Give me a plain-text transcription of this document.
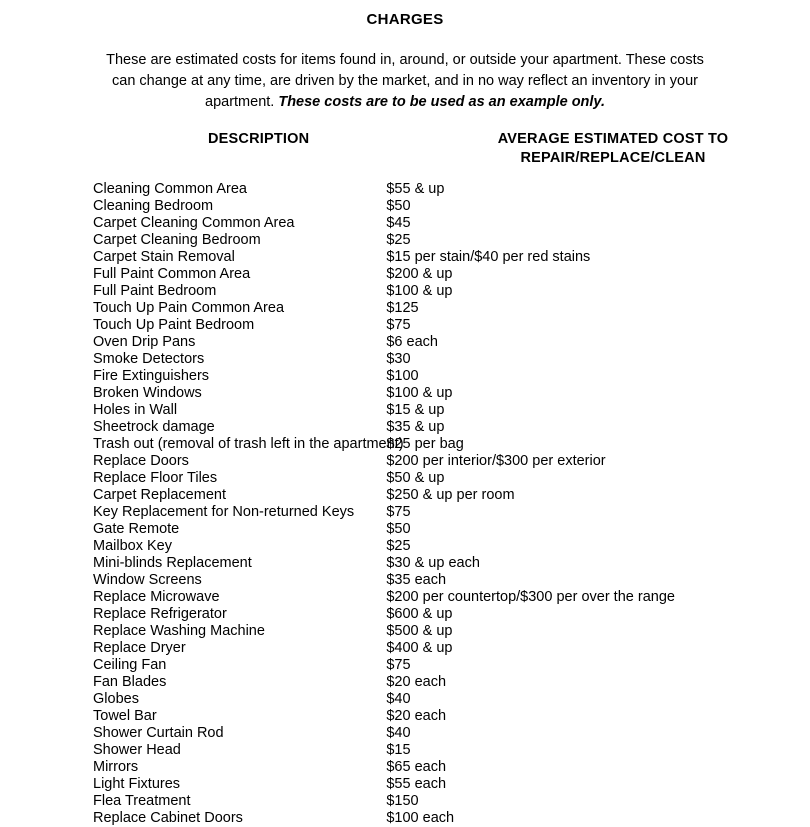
CHARGES

These are estimated costs for items found in, around, or outside your apartment. These costs can change at any time, are driven by the market, and in no way reflect an inventory in your apartment. These costs are to be used as an example only.

DESCRIPTION	AVERAGE ESTIMATED COST TO
REPAIR/REPLACE/CLEAN
Cleaning Common Area	$55 & up
Cleaning Bedroom	$50
Carpet Cleaning Common Area	$45
Carpet Cleaning Bedroom	$25
Carpet Stain Removal	$15 per stain/$40 per red stains
Full Paint Common Area	$200 & up
Full Paint Bedroom	$100 & up
Touch Up Pain Common Area	$125
Touch Up Paint Bedroom	$75
Oven Drip Pans	$6 each
Smoke Detectors	$30
Fire Extinguishers	$100
Broken Windows	$100 & up
Holes in Wall	$15 & up
Sheetrock damage	$35 & up
Trash out (removal of trash left in the apartment)	$25 per bag
Replace Doors	$200 per interior/$300 per exterior
Replace Floor Tiles	$50 & up
Carpet Replacement	$250 & up per room
Key Replacement for Non-returned Keys	$75
Gate Remote	$50
Mailbox Key	$25
Mini-blinds Replacement	$30 & up each
Window Screens	$35 each
Replace Microwave	$200 per countertop/$300 per over the range
Replace Refrigerator	$600 & up
Replace Washing Machine	$500 & up
Replace Dryer	$400 & up
Ceiling Fan	$75
Fan Blades	$20 each
Globes	$40
Towel Bar	$20 each
Shower Curtain Rod	$40
Shower Head	$15
Mirrors	$65 each
Light Fixtures	$55 each
Flea Treatment	$150
Replace Cabinet Doors	$100 each
